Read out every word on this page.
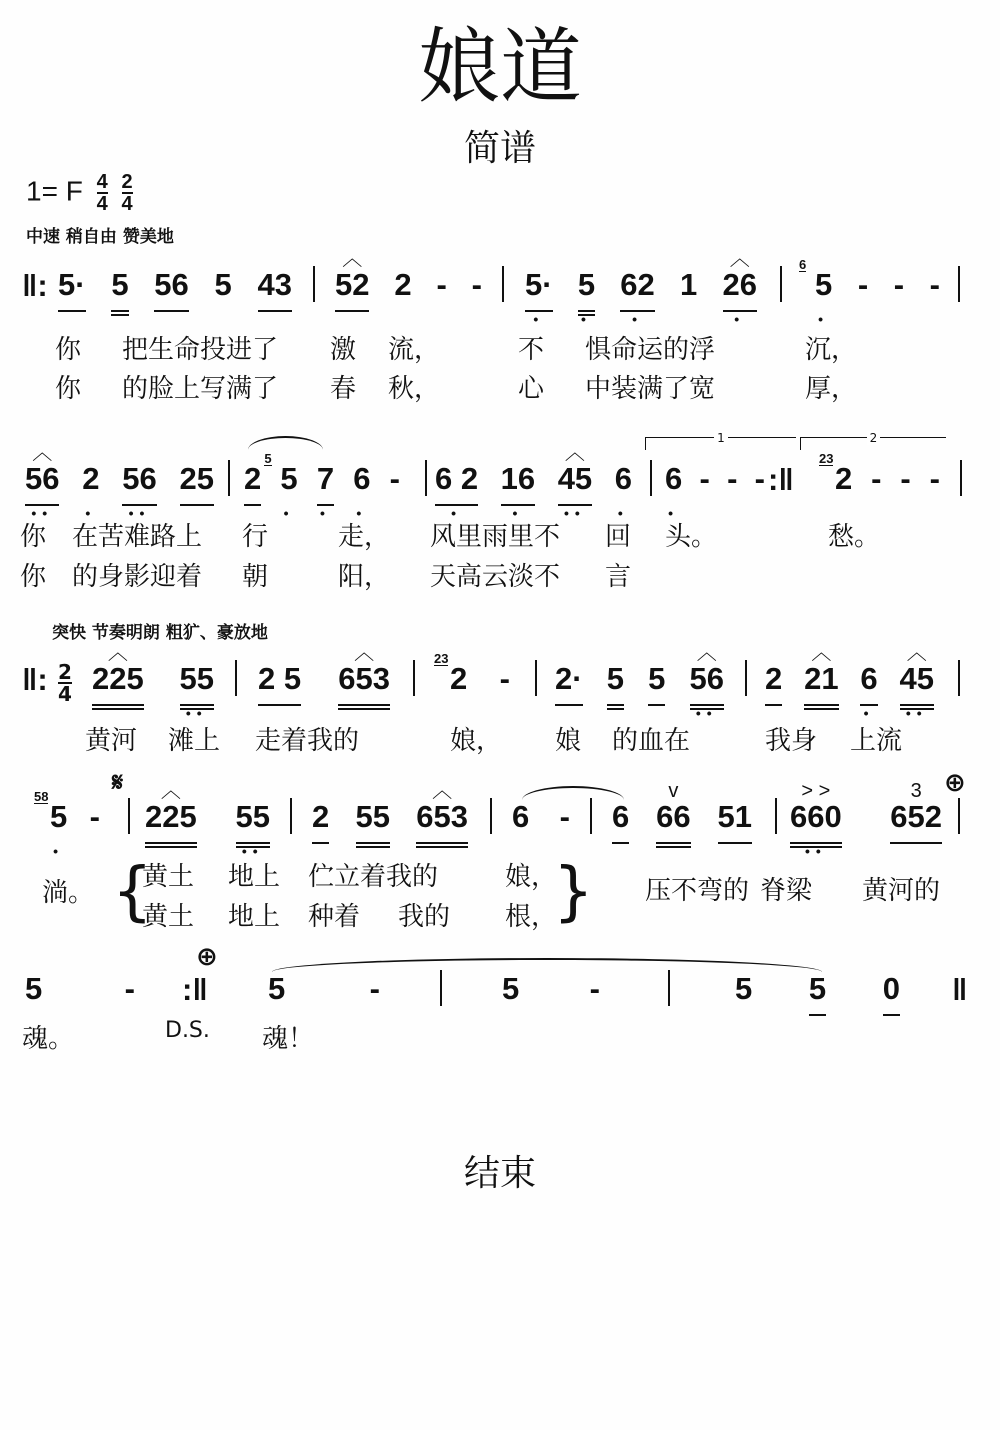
娘道
简谱
1= F $\frac{4}{4}$
$\frac{2}{4}$
中速 稍自由 赞美地
突快 节奏明朗 粗犷、豪放地
‖:
:‖
‖: $\frac{2}{4}$
:‖	‖
1	2
𝄋	⊕
⊕
{	}
D.S.
5· 5 56 5 43 52
︿
2 - - 5·
•
5
•
62
•
1 26
•
︿
5
•
6
- - -
你 把生命投进了 激 流，	不 惧命运的浮	沉，
你 的脸上写满了 春 秋，	心 中装满了宽	厚，
56
••
︿
2
•
56
••
25 2 5
•
5
7
•
6
•
- 6 2
•
16
•
45
••
︿
6
•
6
•
- - - 2
23
- - -
你 在苦难路上 行	走， 风里雨里不 回 头。	愁。
你 的身影迎着 朝	阳， 天高云淡不 言
225
︿
55
••
2 5 653
︿
2
23
- 2· 5 5 56
••
︿
2 21
︿
6
•
45
••
︿
黄河 滩上 走着我的	娘， 娘 的血在	我身 上流
5
•
58
- 225
︿
55
••
2 55 653
︿
6 - 6 66
v
51 660
••
> >
652
3
淌。
黄土 地上 伫立着我的	娘，
黄土 地上 种着 我的 根，
压不弯的 脊梁 黄河的
5	-	5	-	5 -	5 5 0
魂。	魂！
结束
